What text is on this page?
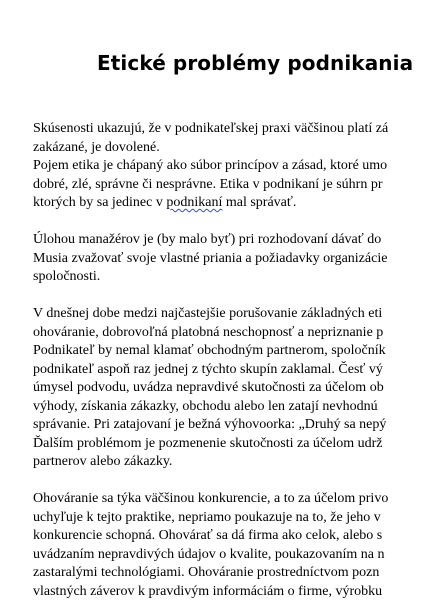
Etické problémy podnikania
Skúsenosti ukazujú, že v podnikateľskej praxi väčšinou platí zá
zakázané, je dovolené.
Pojem etika je chápaný ako súbor princípov a zásad, ktoré umo
dobré, zlé, správne či nesprávne. Etika v podnikaní je súhrn pr
ktorých by sa jedinec v podnikaní mal správať.
Úlohou manažérov je (by malo byť) pri rozhodovaní dávať do
Musia zvažovať svoje vlastné priania a požiadavky organizácie
spoločnosti.
V dnešnej dobe medzi najčastejšie porušovanie základných eti
ohováranie, dobrovoľná platobná neschopnosť a nepriznanie p
Podnikateľ by nemal klamať obchodným partnerom, spoločník
podnikateľ aspoň raz jednej z týchto skupín zaklamal. Česť vý
úmysel podvodu, uvádza nepravdivé skutočnosti za účelom ob
výhody, získania zákazky, obchodu alebo len zatají nevhodnú
správanie. Pri zatajovaní je bežná výhovoorka: „Druhý sa nepý
Ďalším problémom je pozmenenie skutočnosti za účelom udrž
partnerov alebo zákazky.
Ohováranie sa týka väčšinou konkurencie, a to za účelom privo
uchyľuje k tejto praktike, nepriamo poukazuje na to, že jeho v
konkurencie schopná. Ohovárať sa dá firma ako celok, alebo s
uvádzaním nepravdivých údajov o kvalite, poukazovaním na n
zastaralými technológiami. Ohováranie prostredníctvom pozn
vlastných záverov k pravdivým informáciám o firme, výrobku
